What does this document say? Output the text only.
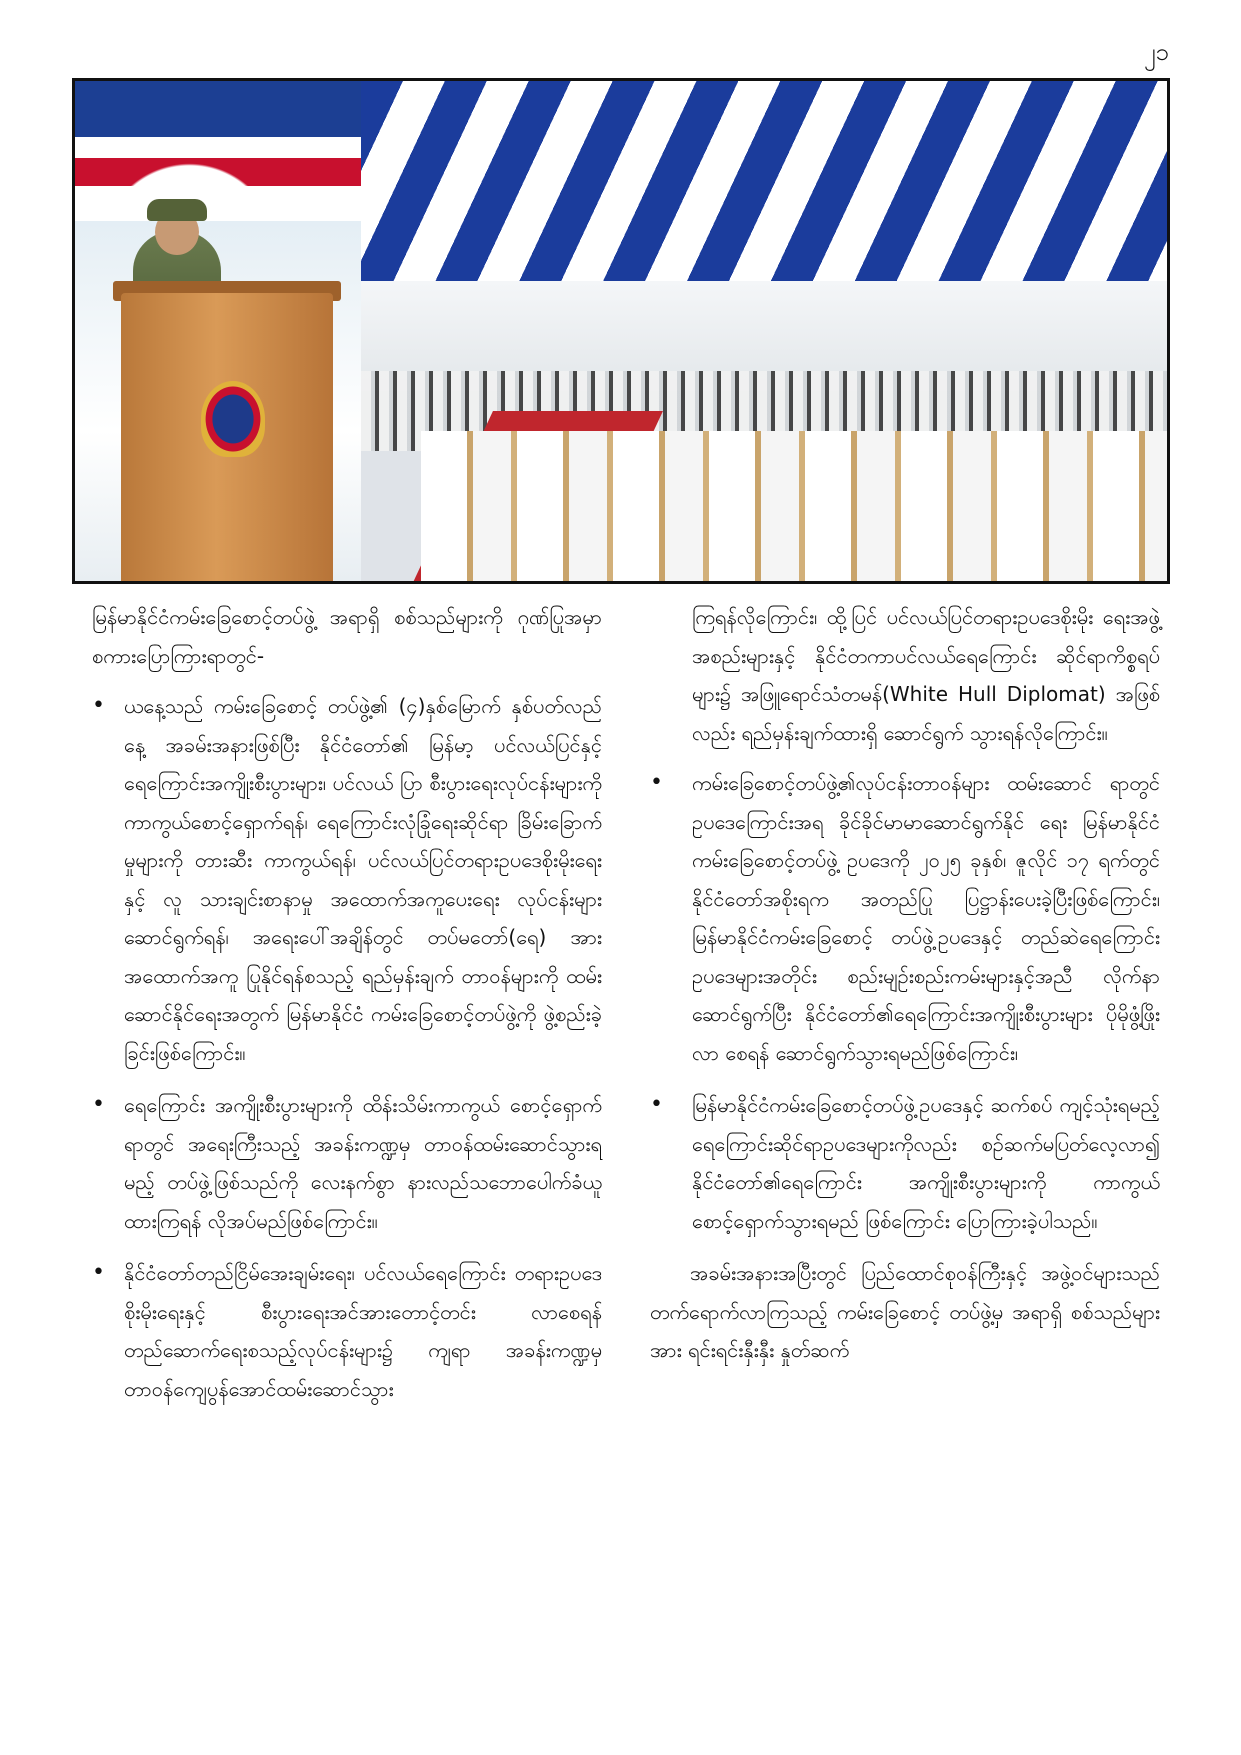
၂၁

မြန်မာနိုင်ငံကမ်းခြေစောင့်တပ်ဖွဲ့ အရာရှိ စစ်သည်များကို ဂုဏ်ပြုအမှာစကားပြောကြားရာတွင်-

• ယနေ့သည် ကမ်းခြေစောင့် တပ်ဖွဲ့၏ (၄)နှစ်မြောက် နှစ်ပတ်လည်နေ့ အခမ်းအနားဖြစ်ပြီး နိုင်ငံတော်၏ မြန်မာ့ ပင်လယ်ပြင်နှင့် ရေကြောင်းအကျိုးစီးပွားများ၊ ပင်လယ် ပြာ စီးပွားရေးလုပ်ငန်းများကို ကာကွယ်စောင့်ရှောက်ရန်၊ ရေကြောင်းလုံခြုံရေးဆိုင်ရာ ခြိမ်းခြောက်မှုများကို တားဆီး ကာကွယ်ရန်၊ ပင်လယ်ပြင်တရားဥပဒေစိုးမိုးရေးနှင့် လူ သားချင်းစာနာမှု အထောက်အကူပေးရေး လုပ်ငန်းများ ဆောင်ရွက်ရန်၊ အရေးပေါ်အချိန်တွင် တပ်မတော်(ရေ) အား အထောက်အကူ ပြုနိုင်ရန်စသည့် ရည်မှန်းချက် တာဝန်များကို ထမ်းဆောင်နိုင်ရေးအတွက် မြန်မာနိုင်ငံ ကမ်းခြေစောင့်တပ်ဖွဲ့ကို ဖွဲ့စည်းခဲ့ခြင်းဖြစ်ကြောင်း။
• ရေကြောင်း အကျိုးစီးပွားများကို ထိန်းသိမ်းကာကွယ် စောင့်ရှောက်ရာတွင် အရေးကြီးသည့် အခန်းကဏ္ဍမှ တာဝန်ထမ်းဆောင်သွားရမည့် တပ်ဖွဲ့ဖြစ်သည်ကို လေးနက်စွာ နားလည်သဘောပေါက်ခံယူထားကြရန် လိုအပ်မည်ဖြစ်ကြောင်း။
• နိုင်ငံတော်တည်ငြိမ်အေးချမ်းရေး၊ ပင်လယ်ရေကြောင်း တရားဥပဒေစိုးမိုးရေးနှင့် စီးပွားရေးအင်အားတောင့်တင်း လာစေရန် တည်ဆောက်ရေးစသည့်လုပ်ငန်းများ၌ ကျရာ အခန်းကဏ္ဍမှ တာဝန်ကျေပွန်အောင်ထမ်းဆောင်သွား

ကြရန်လိုကြောင်း၊ ထို့ပြင် ပင်လယ်ပြင်တရားဥပဒေစိုးမိုး ရေးအဖွဲ့အစည်းများနှင့် နိုင်ငံတကာပင်လယ်ရေကြောင်း ဆိုင်ရာကိစ္စရပ်များ၌ အဖြူရောင်သံတမန်(White Hull Diplomat) အဖြစ်လည်း ရည်မှန်းချက်ထားရှိ ဆောင်ရွက် သွားရန်လိုကြောင်း။

• ကမ်းခြေစောင့်တပ်ဖွဲ့၏လုပ်ငန်းတာဝန်များ ထမ်းဆောင် ရာတွင် ဥပဒေကြောင်းအရ ခိုင်ခိုင်မာမာဆောင်ရွက်နိုင် ရေး မြန်မာနိုင်ငံကမ်းခြေစောင့်တပ်ဖွဲ့ ဥပဒေကို ၂၀၂၅ ခုနှစ်၊ ဇူလိုင် ၁၇ ရက်တွင် နိုင်ငံတော်အစိုးရက အတည်ပြု ပြဋ္ဌာန်းပေးခဲ့ပြီးဖြစ်ကြောင်း၊ မြန်မာနိုင်ငံကမ်းခြေစောင့် တပ်ဖွဲ့ဥပဒေနှင့် တည်ဆဲရေကြောင်းဥပဒေများအတိုင်း စည်းမျဉ်းစည်းကမ်းများနှင့်အညီ လိုက်နာဆောင်ရွက်ပြီး နိုင်ငံတော်၏ရေကြောင်းအကျိုးစီးပွားများ ပိုမိုဖွံ့ဖြိုးလာ စေရန် ဆောင်ရွက်သွားရမည်ဖြစ်ကြောင်း၊
• မြန်မာနိုင်ငံကမ်းခြေစောင့်တပ်ဖွဲ့ဥပဒေနှင့် ဆက်စပ် ကျင့်သုံးရမည့် ရေကြောင်းဆိုင်ရာဥပဒေများကိုလည်း စဉ်ဆက်မပြတ်လေ့လာ၍ နိုင်ငံတော်၏ရေကြောင်း အကျိုးစီးပွားများကို ကာကွယ်စောင့်ရှောက်သွားရမည် ဖြစ်ကြောင်း ပြောကြားခဲ့ပါသည်။

အခမ်းအနားအပြီးတွင် ပြည်ထောင်စုဝန်ကြီးနှင့် အဖွဲ့ဝင်များသည် တက်ရောက်လာကြသည့် ကမ်းခြေစောင့် တပ်ဖွဲ့မှ အရာရှိ စစ်သည်များအား ရင်းရင်းနှီးနှီး နှုတ်ဆက်
